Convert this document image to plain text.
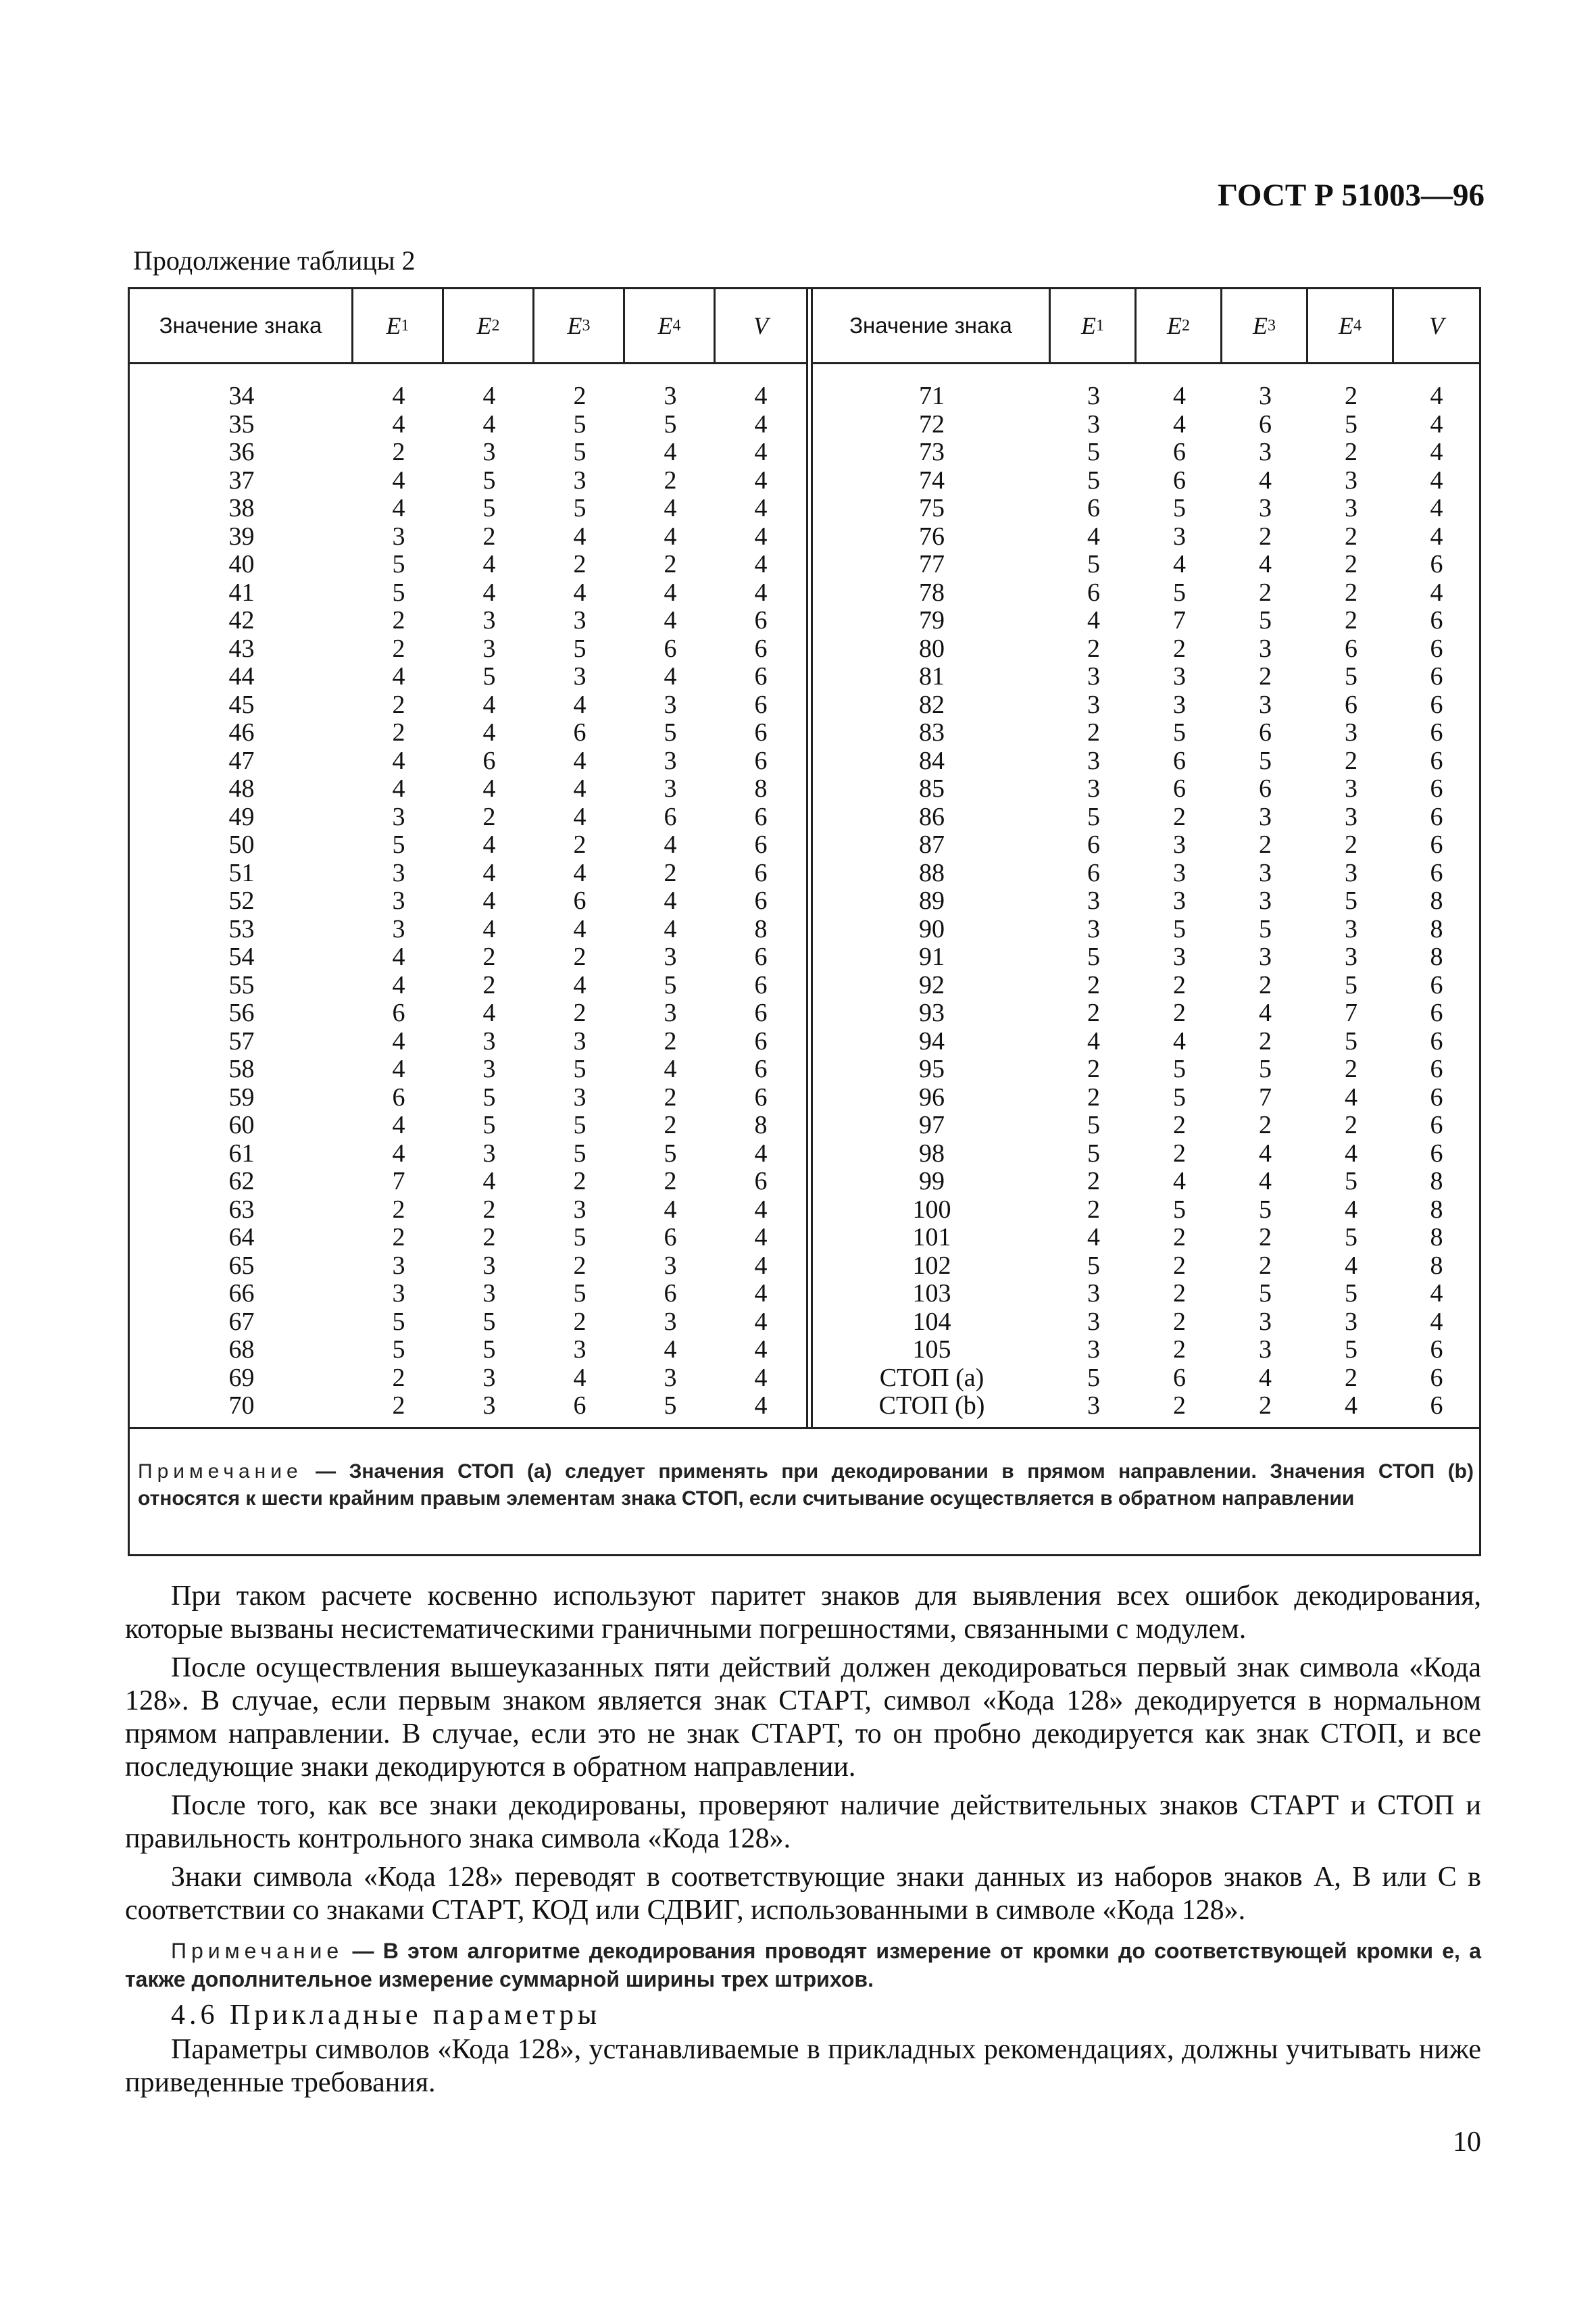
ГОСТ Р 51003—96
Продолжение таблицы 2
Значение знака	E 1	E 2	E 3	E 4	V
34	4	4	2	3	4
35	4	4	5	5	4
36	2	3	5	4	4
37	4	5	3	2	4
38	4	5	5	4	4
39	3	2	4	4	4
40	5	4	2	2	4
41	5	4	4	4	4
42	2	3	3	4	6
43	2	3	5	6	6
44	4	5	3	4	6
45	2	4	4	3	6
46	2	4	6	5	6
47	4	6	4	3	6
48	4	4	4	3	8
49	3	2	4	6	6
50	5	4	2	4	6
51	3	4	4	2	6
52	3	4	6	4	6
53	3	4	4	4	8
54	4	2	2	3	6
55	4	2	4	5	6
56	6	4	2	3	6
57	4	3	3	2	6
58	4	3	5	4	6
59	6	5	3	2	6
60	4	5	5	2	8
61	4	3	5	5	4
62	7	4	2	2	6
63	2	2	3	4	4
64	2	2	5	6	4
65	3	3	2	3	4
66	3	3	5	6	4
67	5	5	2	3	4
68	5	5	3	4	4
69	2	3	4	3	4
70	2	3	6	5	4
Значение знака	E 1	E 2	E 3	E 4	V
71	3	4	3	2	4
72	3	4	6	5	4
73	5	6	3	2	4
74	5	6	4	3	4
75	6	5	3	3	4
76	4	3	2	2	4
77	5	4	4	2	6
78	6	5	2	2	4
79	4	7	5	2	6
80	2	2	3	6	6
81	3	3	2	5	6
82	3	3	3	6	6
83	2	5	6	3	6
84	3	6	5	2	6
85	3	6	6	3	6
86	5	2	3	3	6
87	6	3	2	2	6
88	6	3	3	3	6
89	3	3	3	5	8
90	3	5	5	3	8
91	5	3	3	3	8
92	2	2	2	5	6
93	2	2	4	7	6
94	4	4	2	5	6
95	2	5	5	2	6
96	2	5	7	4	6
97	5	2	2	2	6
98	5	2	4	4	6
99	2	4	4	5	8
100	2	5	5	4	8
101	4	2	2	5	8
102	5	2	2	4	8
103	3	2	5	5	4
104	3	2	3	3	4
105	3	2	3	5	6
СТОП (a)	5	6	4	2	6
СТОП (b)	3	2	2	4	6
Примечание — Значения СТОП (a) следует применять при декодировании в прямом направлении. Значения СТОП (b) относятся к шести крайним правым элементам знака СТОП, если считывание осуществляется в обратном направлении

При таком расчете косвенно используют паритет знаков для выявления всех ошибок декодирования, которые вызваны несистематическими граничными погрешностями, связанными с модулем.

После осуществления вышеуказанных пяти действий должен декодироваться первый знак символа «Кода 128». В случае, если первым знаком является знак СТАРТ, символ «Кода 128» декодируется в нормальном прямом направлении. В случае, если это не знак СТАРТ, то он пробно декодируется как знак СТОП, и все последующие знаки декодируются в обратном направлении.

После того, как все знаки декодированы, проверяют наличие действительных знаков СТАРТ и СТОП и правильность контрольного знака символа «Кода 128».

Знаки символа «Кода 128» переводят в соответствующие знаки данных из наборов знаков А, В или С в соответствии со знаками СТАРТ, КОД или СДВИГ, использованными в символе «Кода 128».

Примечание — В этом алгоритме декодирования проводят измерение от кромки до соответствующей кромки e, а также дополнительное измерение суммарной ширины трех штрихов.

4.6 Прикладные параметры

Параметры символов «Кода 128», устанавливаемые в прикладных рекомендациях, должны учитывать ниже приведенные требования.

10
